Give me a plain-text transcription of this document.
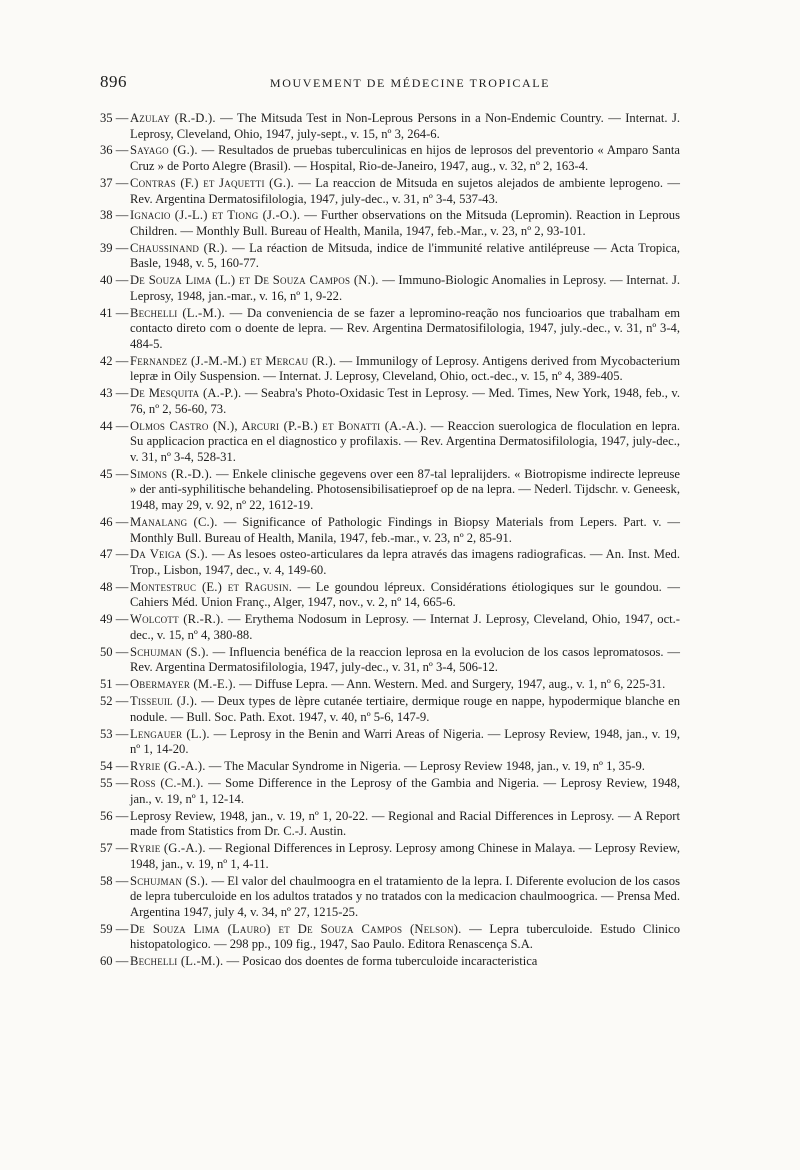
896	MOUVEMENT DE MÉDECINE TROPICALE
35 — Azulay (R.-D.). — The Mitsuda Test in Non-Leprous Persons in a Non-Endemic Country. — Internat. J. Leprosy, Cleveland, Ohio, 1947, july-sept., v. 15, nº 3, 264-6.
36 — Sayago (G.). — Resultados de pruebas tuberculinicas en hijos de leprosos del preventorio « Amparo Santa Cruz » de Porto Alegre (Brasil). — Hospital, Rio-de-Janeiro, 1947, aug., v. 32, nº 2, 163-4.
37 — Contras (F.) et Jaquetti (G.). — La reaccion de Mitsuda en sujetos alejados de ambiente leprogeno. — Rev. Argentina Dermatosifilologia, 1947, july-dec., v. 31, nº 3-4, 537-43.
38 — Ignacio (J.-L.) et Tiong (J.-O.). — Further observations on the Mitsuda (Lepromin). Reaction in Leprous Children. — Monthly Bull. Bureau of Health, Manila, 1947, feb.-Mar., v. 23, nº 2, 93-101.
39 — Chaussinand (R.). — La réaction de Mitsuda, indice de l'immunité relative antilépreuse — Acta Tropica, Basle, 1948, v. 5, 160-77.
40 — De Souza Lima (L.) et De Souza Campos (N.). — Immuno-Biologic Anomalies in Leprosy. — Internat. J. Leprosy, 1948, jan.-mar., v. 16, nº 1, 9-22.
41 — Bechelli (L.-M.). — Da conveniencia de se fazer a lepromino-reação nos funcioarios que trabalham em contacto direto com o doente de lepra. — Rev. Argentina Dermatosifilologia, 1947, july.-dec., v. 31, nº 3-4, 484-5.
42 — Fernandez (J.-M.-M.) et Mercau (R.). — Immunilogy of Leprosy. Antigens derived from Mycobacterium lepræ in Oily Suspension. — Internat. J. Leprosy, Cleveland, Ohio, oct.-dec., v. 15, nº 4, 389-405.
43 — De Mesquita (A.-P.). — Seabra's Photo-Oxidasic Test in Leprosy. — Med. Times, New York, 1948, feb., v. 76, nº 2, 56-60, 73.
44 — Olmos Castro (N.), Arcuri (P.-B.) et Bonatti (A.-A.). — Reaccion suerologica de floculation en lepra. Su applicacion practica en el diagnostico y profilaxis. — Rev. Argentina Dermatosifilologia, 1947, july-dec., v. 31, nº 3-4, 528-31.
45 — Simons (R.-D.). — Enkele clinische gegevens over een 87-tal lepralijders. « Biotropisme indirecte lepreuse » der anti-syphilitische behandeling. Photosensibilisatieproef op de na lepra. — Nederl. Tijdschr. v. Geneesk, 1948, may 29, v. 92, nº 22, 1612-19.
46 — Manalang (C.). — Significance of Pathologic Findings in Biopsy Materials from Lepers. Part. v. — Monthly Bull. Bureau of Health, Manila, 1947, feb.-mar., v. 23, nº 2, 85-91.
47 — Da Veiga (S.). — As lesoes osteo-articulares da lepra através das imagens radiograficas. — An. Inst. Med. Trop., Lisbon, 1947, dec., v. 4, 149-60.
48 — Montestruc (E.) et Ragusin. — Le goundou lépreux. Considérations étiologiques sur le goundou. — Cahiers Méd. Union Franç., Alger, 1947, nov., v. 2, nº 14, 665-6.
49 — Wolcott (R.-R.). — Erythema Nodosum in Leprosy. — Internat J. Leprosy, Cleveland, Ohio, 1947, oct.-dec., v. 15, nº 4, 380-88.
50 — Schujman (S.). — Influencia benéfica de la reaccion leprosa en la evolucion de los casos lepromatosos. — Rev. Argentina Dermatosifilologia, 1947, july-dec., v. 31, nº 3-4, 506-12.
51 — Obermayer (M.-E.). — Diffuse Lepra. — Ann. Western. Med. and Surgery, 1947, aug., v. 1, nº 6, 225-31.
52 — Tisseuil (J.). — Deux types de lèpre cutanée tertiaire, dermique rouge en nappe, hypodermique blanche en nodule. — Bull. Soc. Path. Exot. 1947, v. 40, nº 5-6, 147-9.
53 — Lengauer (L.). — Leprosy in the Benin and Warri Areas of Nigeria. — Leprosy Review, 1948, jan., v. 19, nº 1, 14-20.
54 — Ryrie (G.-A.). — The Macular Syndrome in Nigeria. — Leprosy Review 1948, jan., v. 19, nº 1, 35-9.
55 — Ross (C.-M.). — Some Difference in the Leprosy of the Gambia and Nigeria. — Leprosy Review, 1948, jan., v. 19, nº 1, 12-14.
56 — Leprosy Review, 1948, jan., v. 19, nº 1, 20-22. — Regional and Racial Differences in Leprosy. — A Report made from Statistics from Dr. C.-J. Austin.
57 — Ryrie (G.-A.). — Regional Differences in Leprosy. Leprosy among Chinese in Malaya. — Leprosy Review, 1948, jan., v. 19, nº 1, 4-11.
58 — Schujman (S.). — El valor del chaulmoogra en el tratamiento de la lepra. I. Diferente evolucion de los casos de lepra tuberculoide en los adultos tratados y no tratados con la medicacion chaulmoogrica. — Prensa Med. Argentina 1947, july 4, v. 34, nº 27, 1215-25.
59 — De Souza Lima (Lauro) et De Souza Campos (Nelson). — Lepra tuberculoide. Estudo Clinico histopatologico. — 298 pp., 109 fig., 1947, Sao Paulo. Editora Renascença S.A.
60 — Bechelli (L.-M.). — Posicao dos doentes de forma tuberculoide incaracteristica
